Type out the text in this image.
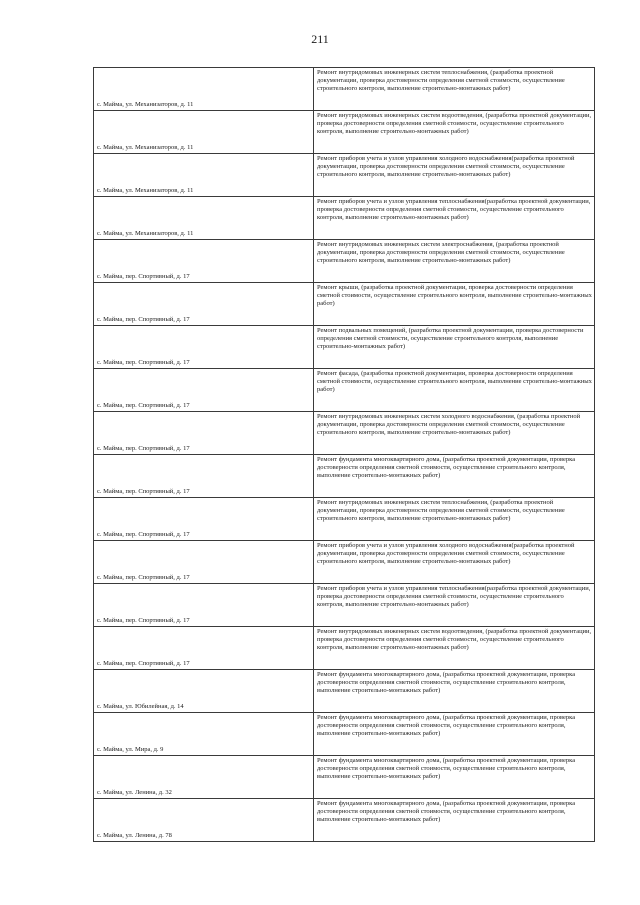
211
с. Майма, ул. Механизаторов, д. 11	Ремонт внутридомовых инженерных систем теплоснабжения, (разработка проектной документации, проверка достоверности определения сметной стоимости, осуществление строительного контроля, выполнение строительно-монтажных работ)

с. Майма, ул. Механизаторов, д. 11	Ремонт внутридомовых инженерных систем водоотведения, (разработка проектной документации, проверка достоверности определения сметной стоимости, осуществление строительного контроля, выполнение строительно-монтажных работ)

с. Майма, ул. Механизаторов, д. 11	Ремонт приборов учета и узлов управления холодного водоснабжения(разработка проектной документации, проверка достоверности определения сметной стоимости, осуществление строительного контроля, выполнение строительно-монтажных работ)

с. Майма, ул. Механизаторов, д. 11	Ремонт приборов учета и узлов управления теплоснабжения(разработка проектной документации, проверка достоверности определения сметной стоимости, осуществление строительного контроля, выполнение строительно-монтажных работ)

с. Майма, пер. Спортивный, д. 17	Ремонт внутридомовых инженерных систем электроснабжения, (разработка проектной документации, проверка достоверности определения сметной стоимости, осуществление строительного контроля, выполнение строительно-монтажных работ)

с. Майма, пер. Спортивный, д. 17	Ремонт крыши, (разработка проектной документации, проверка достоверности определения сметной стоимости, осуществление строительного контроля, выполнение строительно-монтажных работ)

с. Майма, пер. Спортивный, д. 17	Ремонт подвальных помещений, (разработка проектной документации, проверка достоверности определения сметной стоимости, осуществление строительного контроля, выполнение строительно-монтажных работ)

с. Майма, пер. Спортивный, д. 17	Ремонт фасада, (разработка проектной документации, проверка достоверности определения сметной стоимости, осуществление строительного контроля, выполнение строительно-монтажных работ)

с. Майма, пер. Спортивный, д. 17	Ремонт внутридомовых инженерных систем холодного водоснабжения, (разработка проектной документации, проверка достоверности определения сметной стоимости, осуществление строительного контроля, выполнение строительно-монтажных работ)

с. Майма, пер. Спортивный, д. 17	Ремонт фундамента многоквартирного дома, (разработка проектной документации, проверка достоверности определения сметной стоимости, осуществление строительного контроля, выполнение строительно-монтажных работ)

с. Майма, пер. Спортивный, д. 17	Ремонт внутридомовых инженерных систем теплоснабжения, (разработка проектной документации, проверка достоверности определения сметной стоимости, осуществление строительного контроля, выполнение строительно-монтажных работ)

с. Майма, пер. Спортивный, д. 17	Ремонт приборов учета и узлов управления холодного водоснабжения(разработка проектной документации, проверка достоверности определения сметной стоимости, осуществление строительного контроля, выполнение строительно-монтажных работ)

с. Майма, пер. Спортивный, д. 17	Ремонт приборов учета и узлов управления теплоснабжения(разработка проектной документации, проверка достоверности определения сметной стоимости, осуществление строительного контроля, выполнение строительно-монтажных работ)

с. Майма, пер. Спортивный, д. 17	Ремонт внутридомовых инженерных систем водоотведения, (разработка проектной документации, проверка достоверности определения сметной стоимости, осуществление строительного контроля, выполнение строительно-монтажных работ)

с. Майма, ул. Юбилейная, д. 14	Ремонт фундамента многоквартирного дома, (разработка проектной документации, проверка достоверности определения сметной стоимости, осуществление строительного контроля, выполнение строительно-монтажных работ)

с. Майма, ул. Мира, д. 9	Ремонт фундамента многоквартирного дома, (разработка проектной документации, проверка достоверности определения сметной стоимости, осуществление строительного контроля, выполнение строительно-монтажных работ)

с. Майма, ул. Ленина, д. 32	Ремонт фундамента многоквартирного дома, (разработка проектной документации, проверка достоверности определения сметной стоимости, осуществление строительного контроля, выполнение строительно-монтажных работ)

с. Майма, ул. Ленина, д. 78	Ремонт фундамента многоквартирного дома, (разработка проектной документации, проверка достоверности определения сметной стоимости, осуществление строительного контроля, выполнение строительно-монтажных работ)
